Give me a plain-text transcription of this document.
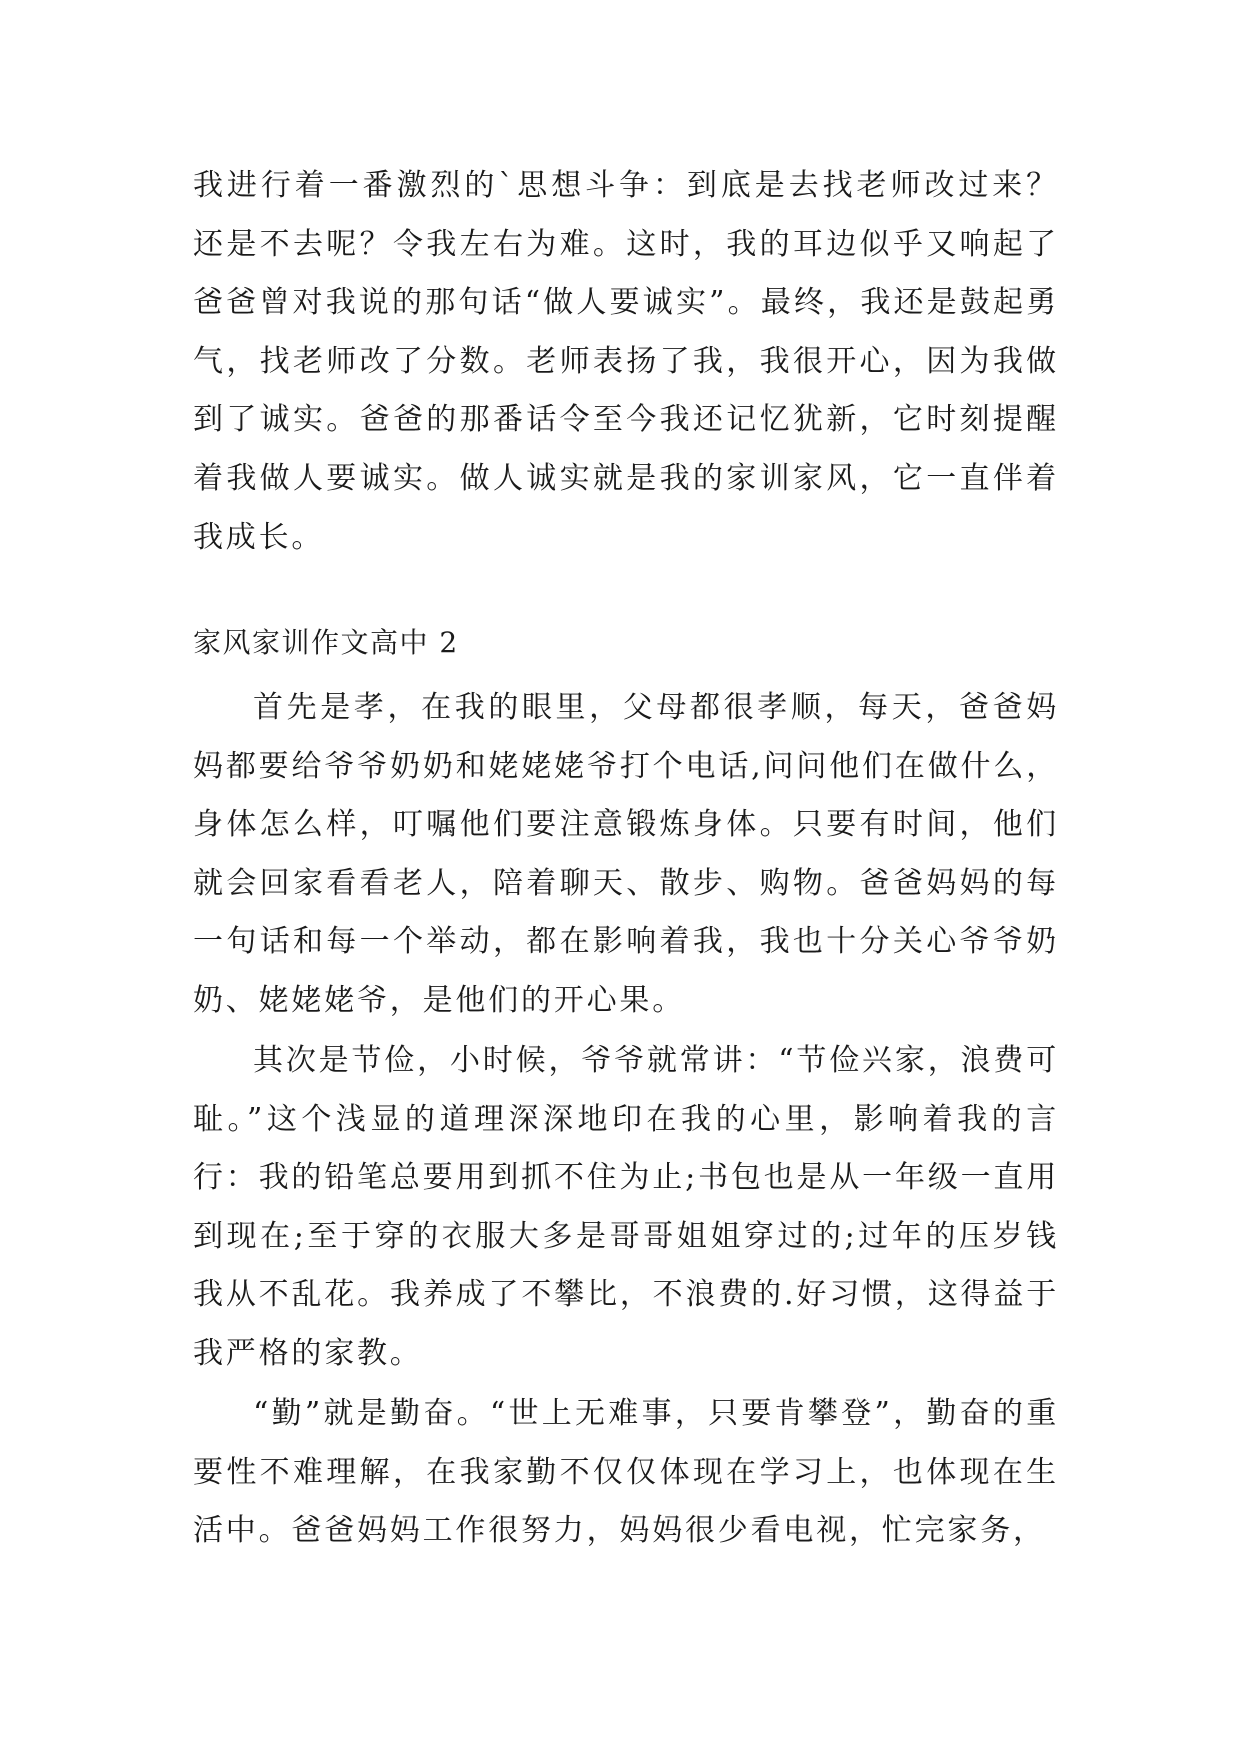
我进行着一番激烈的`思想斗争：到底是去找老师改过来？还是不去呢？令我左右为难。这时，我的耳边似乎又响起了爸爸曾对我说的那句话“做人要诚实”。最终，我还是鼓起勇气，找老师改了分数。老师表扬了我，我很开心，因为我做到了诚实。爸爸的那番话令至今我还记忆犹新，它时刻提醒着我做人要诚实。做人诚实就是我的家训家风，它一直伴着我成长。

家风家训作文高中 2

首先是孝，在我的眼里，父母都很孝顺，每天，爸爸妈妈都要给爷爷奶奶和姥姥姥爷打个电话,问问他们在做什么，身体怎么样，叮嘱他们要注意锻炼身体。只要有时间，他们就会回家看看老人，陪着聊天、散步、购物。爸爸妈妈的每一句话和每一个举动，都在影响着我，我也十分关心爷爷奶奶、姥姥姥爷，是他们的开心果。

其次是节俭，小时候，爷爷就常讲：“节俭兴家，浪费可耻。”这个浅显的道理深深地印在我的心里，影响着我的言行：我的铅笔总要用到抓不住为止;书包也是从一年级一直用到现在;至于穿的衣服大多是哥哥姐姐穿过的;过年的压岁钱我从不乱花。我养成了不攀比，不浪费的.好习惯，这得益于我严格的家教。

“勤”就是勤奋。“世上无难事，只要肯攀登”，勤奋的重要性不难理解，在我家勤不仅仅体现在学习上，也体现在生活中。爸爸妈妈工作很努力，妈妈很少看电视，忙完家务，
